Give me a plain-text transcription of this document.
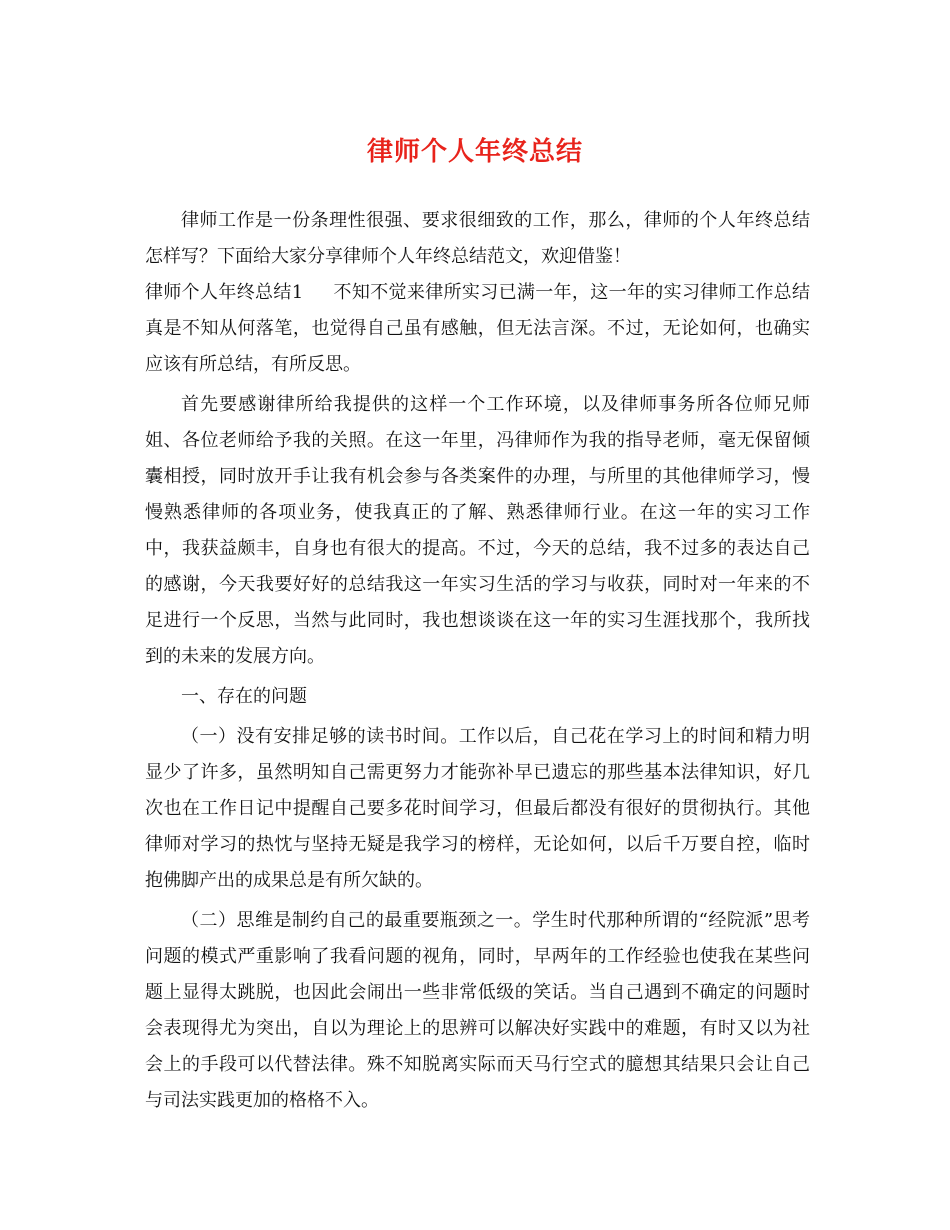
律师个人年终总结

律师工作是一份条理性很强、要求很细致的工作，那么，律师的个人年终总结怎样写？下面给大家分享律师个人年终总结范文，欢迎借鉴！

律师个人年终总结1 不知不觉来律所实习已满一年，这一年的实习律师工作总结真是不知从何落笔，也觉得自己虽有感触，但无法言深。不过，无论如何，也确实应该有所总结，有所反思。

首先要感谢律所给我提供的这样一个工作环境，以及律师事务所各位师兄师姐、各位老师给予我的关照。在这一年里，冯律师作为我的指导老师，毫无保留倾囊相授，同时放开手让我有机会参与各类案件的办理，与所里的其他律师学习，慢慢熟悉律师的各项业务，使我真正的了解、熟悉律师行业。在这一年的实习工作中，我获益颇丰，自身也有很大的提高。不过，今天的总结，我不过多的表达自己的感谢，今天我要好好的总结我这一年实习生活的学习与收获，同时对一年来的不足进行一个反思，当然与此同时，我也想谈谈在这一年的实习生涯找那个，我所找到的未来的发展方向。

一、存在的问题

（一）没有安排足够的读书时间。工作以后，自己花在学习上的时间和精力明显少了许多，虽然明知自己需更努力才能弥补早已遗忘的那些基本法律知识，好几次也在工作日记中提醒自己要多花时间学习，但最后都没有很好的贯彻执行。其他律师对学习的热忱与坚持无疑是我学习的榜样，无论如何，以后千万要自控，临时抱佛脚产出的成果总是有所欠缺的。

（二）思维是制约自己的最重要瓶颈之一。学生时代那种所谓的“经院派”思考问题的模式严重影响了我看问题的视角，同时，早两年的工作经验也使我在某些问题上显得太跳脱，也因此会闹出一些非常低级的笑话。当自己遇到不确定的问题时会表现得尤为突出，自以为理论上的思辨可以解决好实践中的难题，有时又以为社会上的手段可以代替法律。殊不知脱离实际而天马行空式的臆想其结果只会让自己与司法实践更加的格格不入。
